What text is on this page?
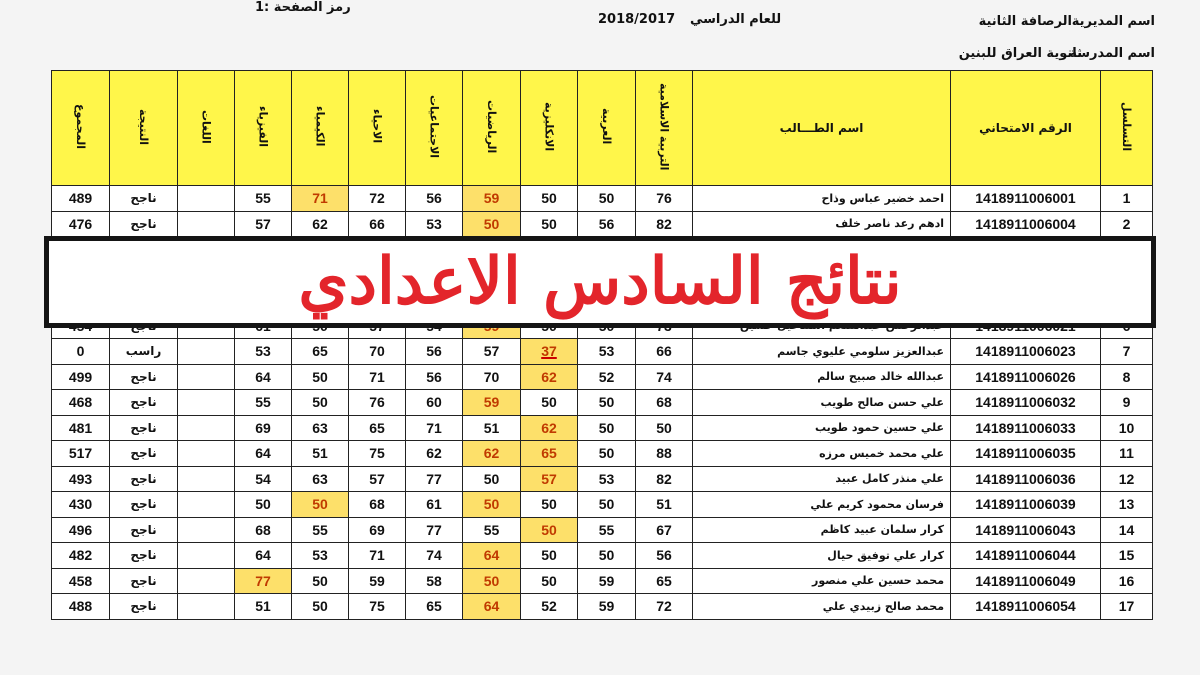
رمز الصفحة :1
للعام الدراسي
2018/2017	اسم المديرية
الرصافة الثانية
اسم المدرسة
ثانوية العراق للبنين
التسلسل	الرقم الامتحاني	اسم الطـــالب	التربية الاسلامية	العربية	الانكليزية	الرياضيات	الاجتماعيات	الاحياء	الكيمياء	الفيزياء	اللغات	النتيجة	المجموع
1	1418911006001	احمد خضير عباس وذاح	76	50	50	59	56	72	71	55		ناجح	489
2	1418911006004	ادهم رعد ناصر خلف	82	56	50	50	53	66	62	57		ناجح	476

7	1418911006023	عبدالعزيز سلومي عليوي جاسم	66	53	37	57	56	70	65	53		راسب	0
8	1418911006026	عبدالله خالد صبيح سالم	74	52	62	70	56	71	50	64		ناجح	499
9	1418911006032	علي حسن صالح طويب	68	50	50	59	60	76	50	55		ناجح	468
10	1418911006033	علي حسين حمود طويب	50	50	62	51	71	65	63	69		ناجح	481
11	1418911006035	علي محمد خميس مرزه	88	50	65	62	62	75	51	64		ناجح	517
12	1418911006036	علي منذر كامل عبيد	82	53	57	50	77	57	63	54		ناجح	493
13	1418911006039	فرسان محمود كريم علي	51	50	50	50	61	68	50	50		ناجح	430
14	1418911006043	كرار سلمان عبيد كاظم	67	55	50	55	77	69	55	68		ناجح	496
15	1418911006044	كرار علي توفيق حيال	56	50	50	64	74	71	53	64		ناجح	482
16	1418911006049	محمد حسين علي منصور	65	59	50	50	58	59	50	77		ناجح	458
17	1418911006054	محمد صالح زبيدي علي	72	59	52	64	65	75	50	51		ناجح	488
نتائج السادس الاعدادي
